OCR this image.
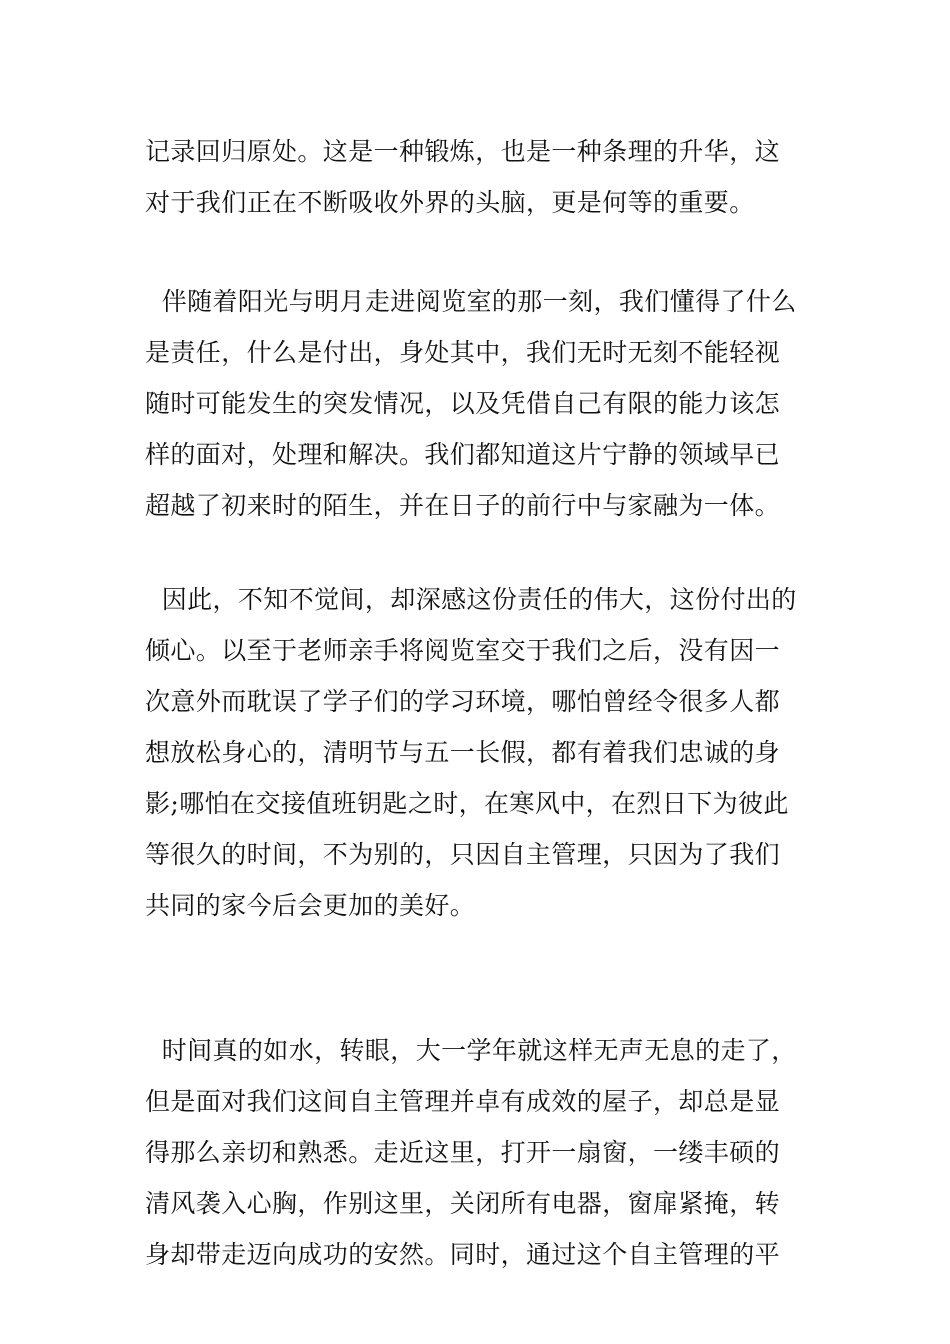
记录回归原处。这是一种锻炼，也是一种条理的升华，这
对于我们正在不断吸收外界的头脑，更是何等的重要。
伴随着阳光与明月走进阅览室的那一刻，我们懂得了什么
是责任，什么是付出，身处其中，我们无时无刻不能轻视
随时可能发生的突发情况，以及凭借自己有限的能力该怎
样的面对，处理和解决。我们都知道这片宁静的领域早已
超越了初来时的陌生，并在日子的前行中与家融为一体。
因此，不知不觉间，却深感这份责任的伟大，这份付出的
倾心。以至于老师亲手将阅览室交于我们之后，没有因一
次意外而耽误了学子们的学习环境，哪怕曾经令很多人都
想放松身心的，清明节与五一长假，都有着我们忠诚的身
影;哪怕在交接值班钥匙之时，在寒风中，在烈日下为彼此
等很久的时间，不为别的，只因自主管理，只因为了我们
共同的家今后会更加的美好。
时间真的如水，转眼，大一学年就这样无声无息的走了，
但是面对我们这间自主管理并卓有成效的屋子，却总是显
得那么亲切和熟悉。走近这里，打开一扇窗，一缕丰硕的
清风袭入心胸，作别这里，关闭所有电器，窗扉紧掩，转
身却带走迈向成功的安然。同时，通过这个自主管理的平
